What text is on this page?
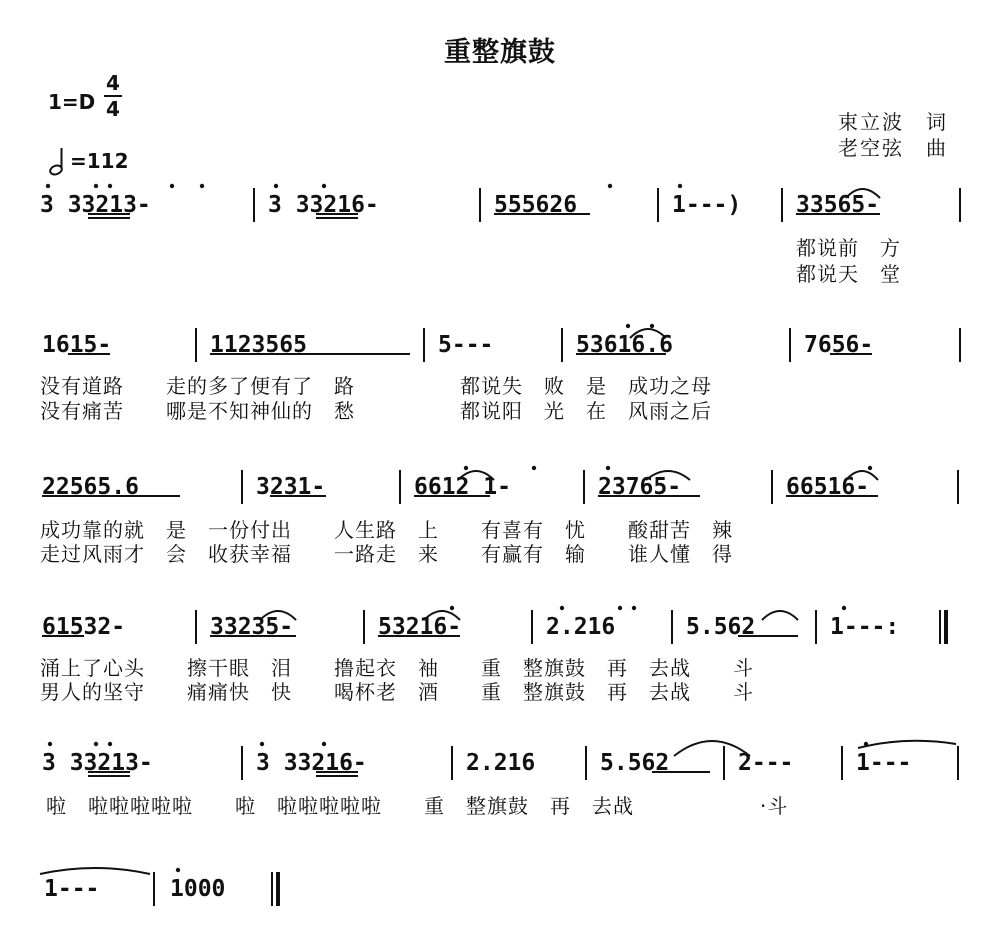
重整旗鼓
1=D
4
4
=112
束立波　词
老空弦　曲
3 33213-	3 33216-	555626	1---) 33565-
都说前　方
都说天　堂
1615-	1123565	5---	53616.6	7656-
没有道路　　走的多了便有了　路　　　　　都说失　败　是　成功之母
没有痛苦　　哪是不知神仙的　愁　　　　　都说阳　光　在　风雨之后
22565.6	3231-	6612 1-	23765-	66516-
成功靠的就　是　一份付出　　人生路　上　　有喜有　忧　　酸甜苦　辣
走过风雨才　会　收获幸福　　一路走　来　　有赢有　输　　谁人懂　得
61532-	33235-	53216-	2.216	5.562	1---:
涌上了心头　　擦干眼　泪　　撸起衣　袖　　重　整旗鼓　再　去战　　斗
男人的坚守　　痛痛快　快　　喝杯老　酒　　重　整旗鼓　再　去战　　斗
3 33213-	3 33216-	2.216	5.562	2---	1---
啦　啦啦啦啦啦　　啦　啦啦啦啦啦　　重　整旗鼓　再　去战　　　　　　·斗
1---	1000
